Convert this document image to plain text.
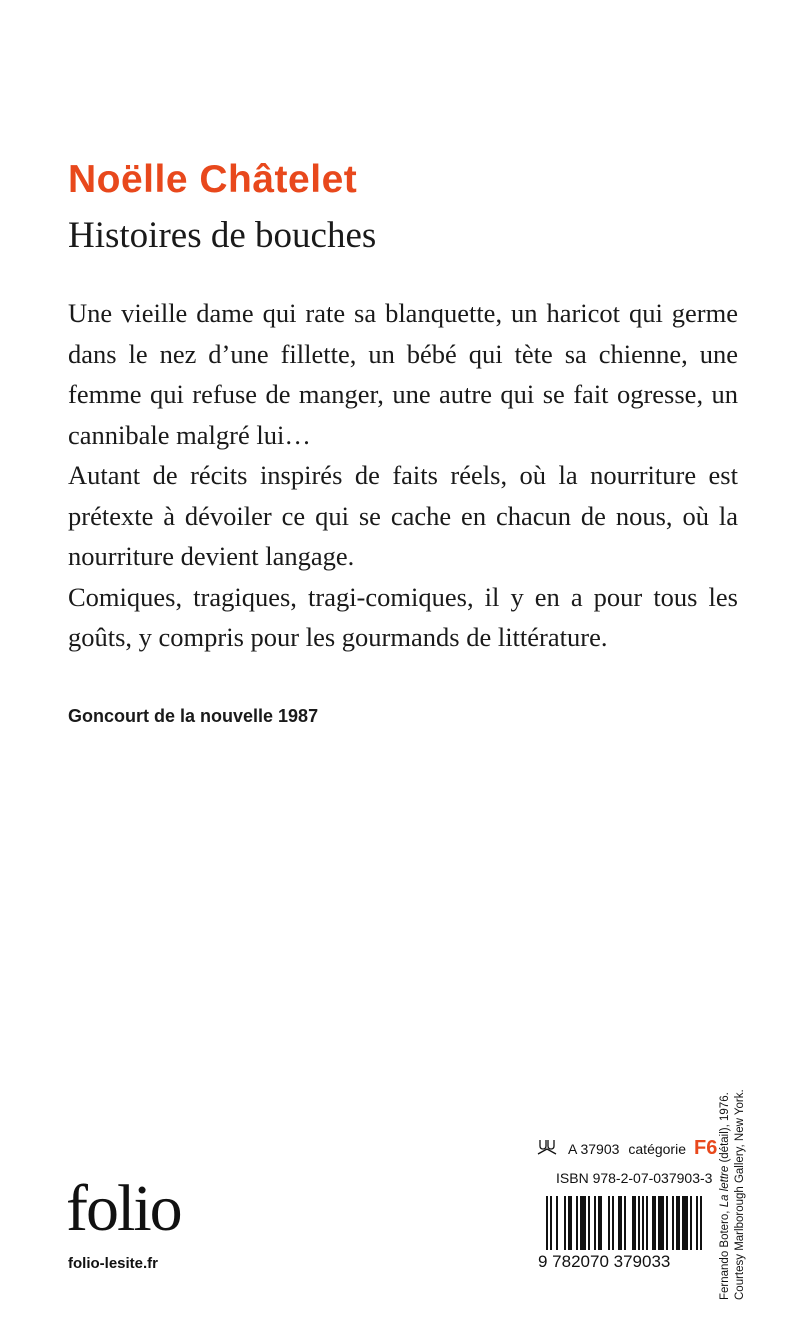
Noëlle Châtelet
Histoires de bouches

Une vieille dame qui rate sa blanquette, un haricot qui germe dans le nez d’une fillette, un bébé qui tète sa chienne, une femme qui refuse de manger, une autre qui se fait ogresse, un cannibale malgré lui…

Autant de récits inspirés de faits réels, où la nourriture est prétexte à dévoiler ce qui se cache en chacun de nous, où la nourriture devient langage.

Comiques, tragiques, tragi-comiques, il y en a pour tous les goûts, y compris pour les gourmands de littérature.

Goncourt de la nouvelle 1987
folio
folio-lesite.fr
A 37903 catégorie F6
ISBN 978-2-07-037903-3
9 782070 379033	Fernando Botero, La lettre (détail), 1976. Courtesy Marlborough Gallery, New York.
